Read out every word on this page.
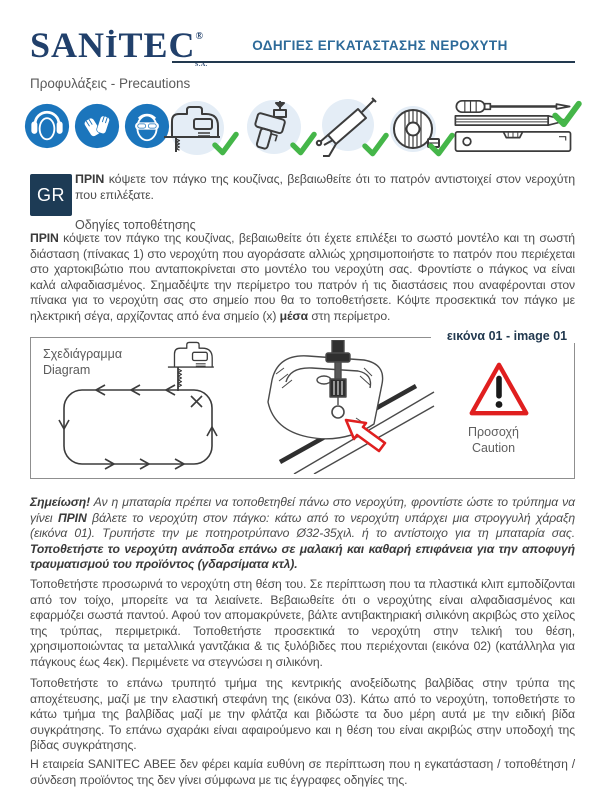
$SANİTEC®_{S.A.}$
ΟΔΗΓΙΕΣ ΕΓΚΑΤΑΣΤΑΣΗΣ ΝΕΡΟΧΥΤΗ
Προφυλάξεις - Precautions
GR

ΠΡΙΝ κόψετε τον πάγκο της κουζίνας, βεβαιωθείτε ότι το πατρόν αντιστοιχεί στον νεροχύτη που επιλέξατε.

Οδηγίες τοποθέτησης

ΠΡΙΝ κόψετε τον πάγκο της κουζίνας, βεβαιωθείτε ότι έχετε επιλέξει το σωστό μοντέλο και τη σωστή διάσταση (πίνακας 1) στο νεροχύτη που αγοράσατε αλλιώς χρησιμοποιήστε το πατρόν που περιέχεται στο χαρτοκιβώτιο που ανταποκρίνεται στο μοντέλο του νεροχύτη σας. Φροντίστε ο πάγκος να είναι καλά αλφαδιασμένος. Σημαδέψτε την περίμετρο του πατρόν ή τις διαστάσεις που αναφέρονται στον πίνακα για το νεροχύτη σας στο σημείο που θα το τοποθετήσετε. Κόψτε προσεκτικά τον πάγκο με ηλεκτρική σέγα, αρχίζοντας από ένα σημείο (x) μέσα στη περίμετρο.

εικόνα 01 - image 01
Σχεδιάγραμμα
Diagram
Προσοχή
Caution

Σημείωση! Αν η μπαταρία πρέπει να τοποθετηθεί πάνω στο νεροχύτη, φροντίστε ώστε το τρύπημα να γίνει ΠΡΙΝ βάλετε το νεροχύτη στον πάγκο: κάτω από το νεροχύτη υπάρχει μια στρογγυλή χάραξη (εικόνα 01). Τρυπήστε την με ποτηροτρύπανο Ø32-35χιλ. ή το αντίστοιχο για τη μπαταρία σας. Τοποθετήστε το νεροχύτη ανάποδα επάνω σε μαλακή και καθαρή επιφάνεια για την αποφυγή τραυματισμού του προϊόντος (γδαρσίματα κτλ).

Τοποθετήστε προσωρινά το νεροχύτη στη θέση του. Σε περίπτωση που τα πλαστικά κλιπ εμποδίζονται από τον τοίχο, μπορείτε να τα λειαίνετε. Βεβαιωθείτε ότι ο νεροχύτης είναι αλφαδιασμένος και εφαρμόζει σωστά παντού. Αφού τον απομακρύνετε, βάλτε αντιβακτηριακή σιλικόνη ακριβώς στο χείλος της τρύπας, περιμετρικά. Τοποθετήστε προσεκτικά το νεροχύτη στην τελική του θέση, χρησιμοποιώντας τα μεταλλικά γαντζάκια & τις ξυλόβιδες που περιέχονται (εικόνα 02) (κατάλληλα για πάγκους έως 4εκ). Περιμένετε να στεγνώσει η σιλικόνη.

Τοποθετήστε το επάνω τρυπητό τμήμα της κεντρικής ανοξείδωτης βαλβίδας στην τρύπα της αποχέτευσης, μαζί με την ελαστική στεφάνη της (εικόνα 03). Κάτω από το νεροχύτη, τοποθετήστε το κάτω τμήμα της βαλβίδας μαζί με την φλάτζα και βιδώστε τα δυο μέρη αυτά με την ειδική βίδα συγκράτησης. Το επάνω σχαράκι είναι αφαιρούμενο και η θέση του είναι ακριβώς στην υποδοχή της βίδας συγκράτησης.

Η εταιρεία SANITEC ΑΒΕΕ δεν φέρει καμία ευθύνη σε περίπτωση που η εγκατάσταση / τοποθέτηση / σύνδεση προϊόντος της δεν γίνει σύμφωνα με τις έγγραφες οδηγίες της.
